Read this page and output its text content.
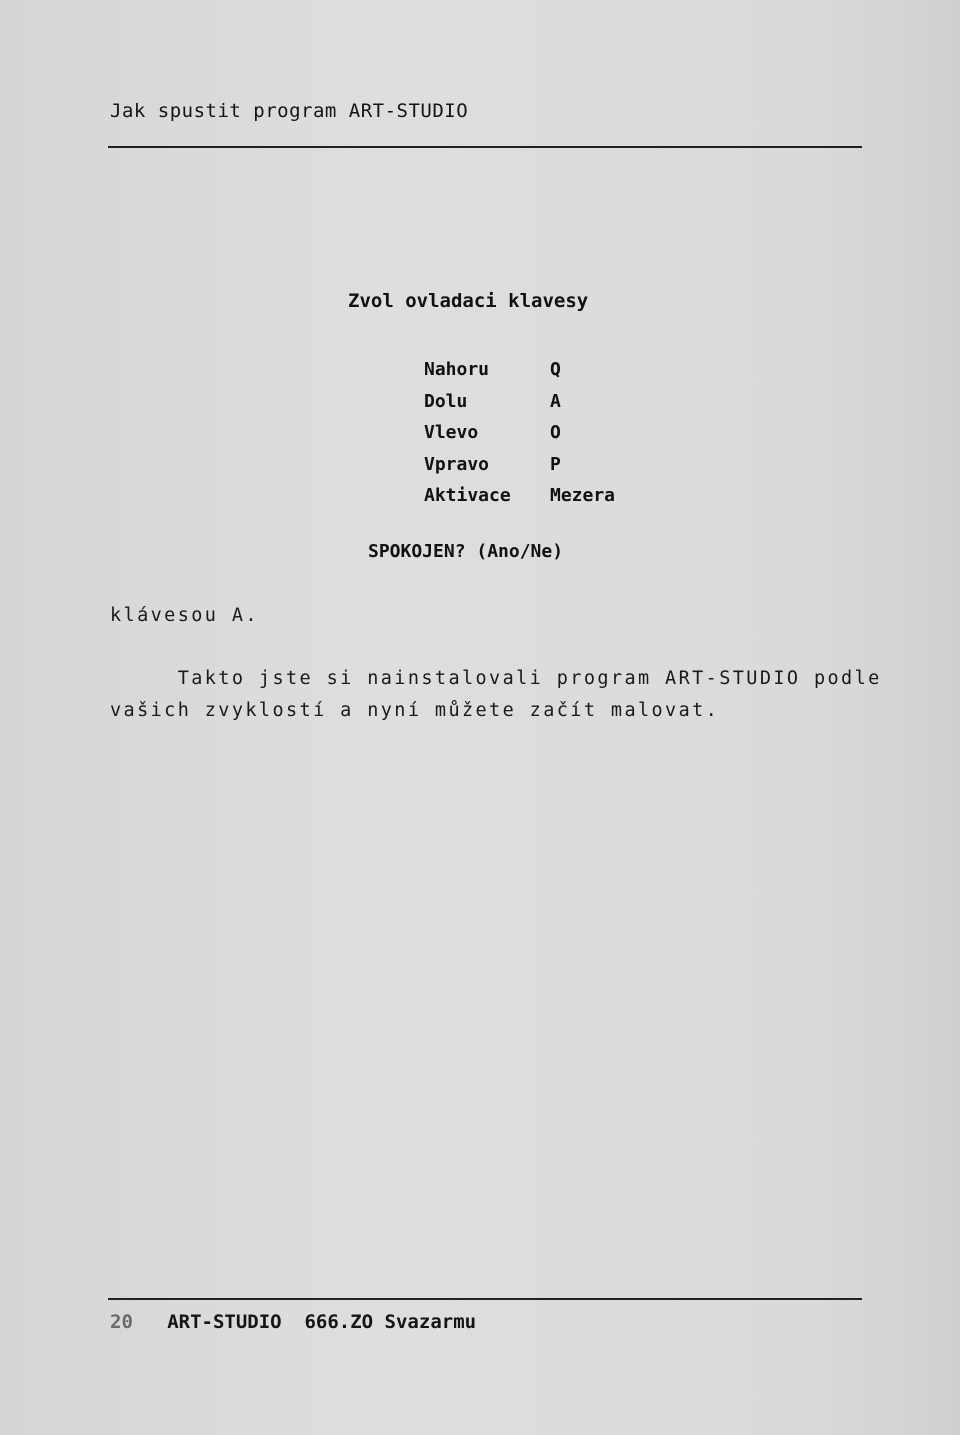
Jak spustit program ART-STUDIO
Zvol ovladaci klavesy
Nahoru	Q
Dolu	A
Vlevo	O
Vpravo	P
Aktivace	Mezera
SPOKOJEN? (Ano/Ne)
klávesou A.
Takto jste si nainstalovali program ART-STUDIO podle
vašich zvyklostí a nyní můžete začít malovat.
20 ART-STUDIO  666.ZO Svazarmu
